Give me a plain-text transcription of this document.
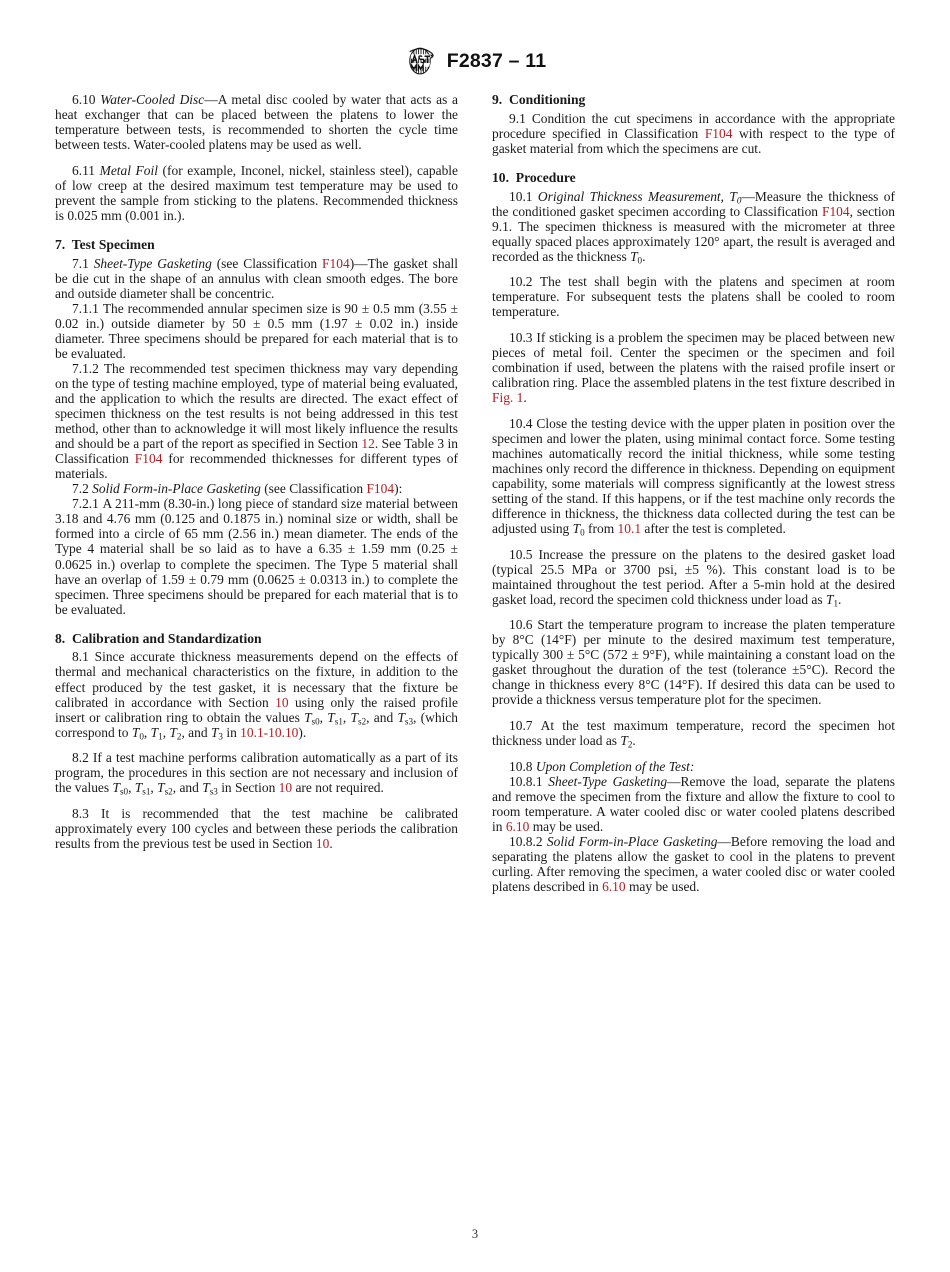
F2837 – 11

6.10 Water-Cooled Disc—A metal disc cooled by water that acts as a heat exchanger that can be placed between the platens to lower the temperature between tests, is recommended to shorten the cycle time between tests. Water-cooled platens may be used as well.

6.11 Metal Foil (for example, Inconel, nickel, stainless steel), capable of low creep at the desired maximum test temperature may be used to prevent the sample from sticking to the platens. Recommended thickness is 0.025 mm (0.001 in.).

7. Test Specimen

7.1 Sheet-Type Gasketing (see Classification F104)—The gasket shall be die cut in the shape of an annulus with clean smooth edges. The bore and outside diameter shall be concentric.

7.1.1 The recommended annular specimen size is 90 ± 0.5 mm (3.55 ± 0.02 in.) outside diameter by 50 ± 0.5 mm (1.97 ± 0.02 in.) inside diameter. Three specimens should be prepared for each material that is to be evaluated.

7.1.2 The recommended test specimen thickness may vary depending on the type of testing machine employed, type of material being evaluated, and the application to which the results are directed. The exact effect of specimen thickness on the test results is not being addressed in this test method, other than to acknowledge it will most likely influence the results and should be a part of the report as specified in Section 12. See Table 3 in Classification F104 for recommended thicknesses for different types of materials.

7.2 Solid Form-in-Place Gasketing (see Classification F104):

7.2.1 A 211-mm (8.30-in.) long piece of standard size material between 3.18 and 4.76 mm (0.125 and 0.1875 in.) nominal size or width, shall be formed into a circle of 65 mm (2.56 in.) mean diameter. The ends of the Type 4 material shall be so laid as to have a 6.35 ± 1.59 mm (0.25 ± 0.0625 in.) overlap to complete the specimen. The Type 5 material shall have an overlap of 1.59 ± 0.79 mm (0.0625 ± 0.0313 in.) to complete the specimen. Three specimens should be prepared for each material that is to be evaluated.

8. Calibration and Standardization

8.1 Since accurate thickness measurements depend on the effects of thermal and mechanical characteristics on the fixture, in addition to the effect produced by the test gasket, it is necessary that the fixture be calibrated in accordance with Section 10 using only the raised profile insert or calibration ring to obtain the values $T_{s0}$, $T_{s1}$, $T_{s2}$, and $T_{s3}$, (which correspond to $T_0$, $T_1$, $T_2$, and $T_3$ in 10.1-10.10).

8.2 If a test machine performs calibration automatically as a part of its program, the procedures in this section are not necessary and inclusion of the values $T_{s0}$, $T_{s1}$, $T_{s2}$, and $T_{s3}$ in Section 10 are not required.

8.3 It is recommended that the test machine be calibrated approximately every 100 cycles and between these periods the calibration results from the previous test be used in Section 10.

9. Conditioning

9.1 Condition the cut specimens in accordance with the appropriate procedure specified in Classification F104 with respect to the type of gasket material from which the specimens are cut.

10. Procedure

10.1 Original Thickness Measurement, $T_0—Measure$ the thickness of the conditioned gasket specimen according to Classification F104, section 9.1. The specimen thickness is measured with the micrometer at three equally spaced places approximately 120° apart, the result is averaged and recorded as the thickness $T_0$.

10.2 The test shall begin with the platens and specimen at room temperature. For subsequent tests the platens shall be cooled to room temperature.

10.3 If sticking is a problem the specimen may be placed between new pieces of metal foil. Center the specimen or the specimen and foil combination if used, between the platens with the raised profile insert or calibration ring. Place the assembled platens in the test fixture described in Fig. 1.

10.4 Close the testing device with the upper platen in position over the specimen and lower the platen, using minimal contact force. Some testing machines automatically record the initial thickness, while some testing machines only record the difference in thickness. Depending on equipment capability, some materials will compress significantly at the lowest stress setting of the stand. If this happens, or if the test machine only records the difference in thickness, the thickness data collected during the test can be adjusted using $T_0$ from 10.1 after the test is completed.

10.5 Increase the pressure on the platens to the desired gasket load (typical 25.5 MPa or 3700 psi, ±5 %). This constant load is to be maintained throughout the test period. After a 5-min hold at the desired gasket load, record the specimen cold thickness under load as $T_1$.

10.6 Start the temperature program to increase the platen temperature by 8°C (14°F) per minute to the desired maximum test temperature, typically 300 ± 5°C (572 ± 9°F), while maintaining a constant load on the gasket throughout the duration of the test (tolerance ±5°C). Record the change in thickness every 8°C (14°F). If desired this data can be used to provide a thickness versus temperature plot for the specimen.

10.7 At the test maximum temperature, record the specimen hot thickness under load as $T_2$.

10.8 Upon Completion of the Test:

10.8.1 Sheet-Type Gasketing—Remove the load, separate the platens and remove the specimen from the fixture and allow the fixture to cool to room temperature. A water cooled disc or water cooled platens described in 6.10 may be used.

10.8.2 Solid Form-in-Place Gasketing—Before removing the load and separating the platens allow the gasket to cool in the platens to prevent curling. After removing the specimen, a water cooled disc or water cooled platens described in 6.10 may be used.

3
